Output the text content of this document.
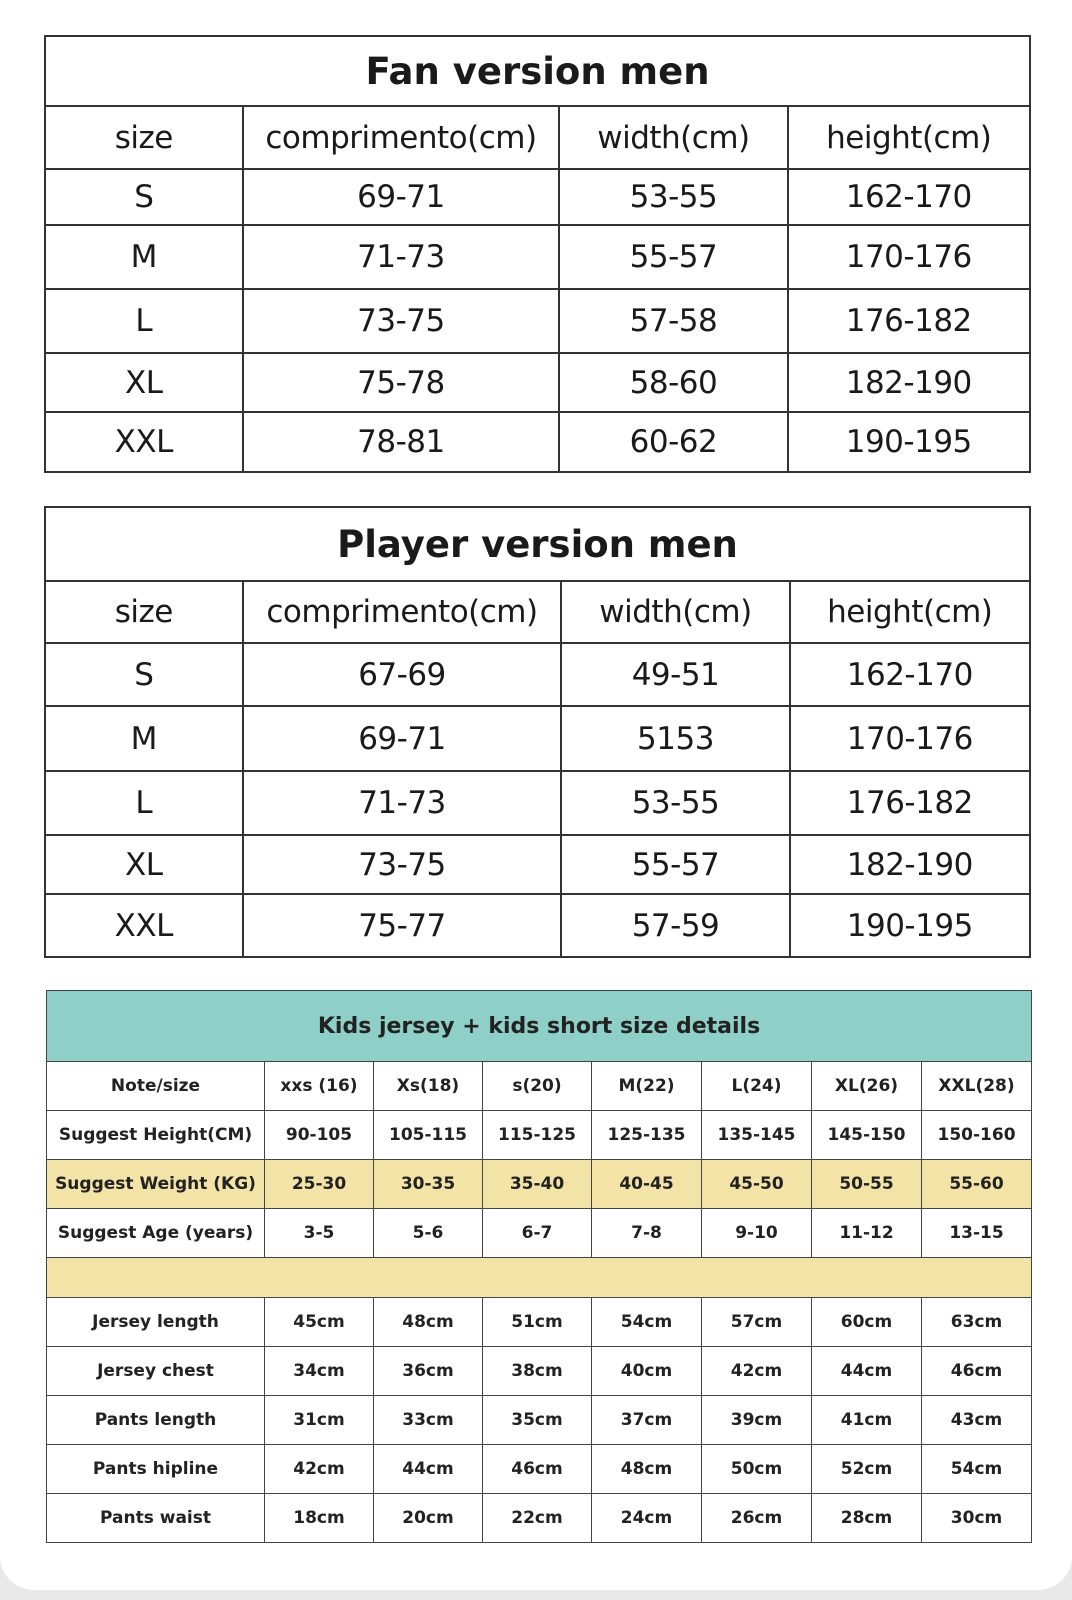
Fan version men			
size	comprimento(cm)	width(cm)	height(cm)
S	69-71	53-55	162-170
M	71-73	55-57	170-176
L	73-75	57-58	176-182
XL	75-78	58-60	182-190
XXL	78-81	60-62	190-195
Player version men			
size	comprimento(cm)	width(cm)	height(cm)
S	67-69	49-51	162-170
M	69-71	5153	170-176
L	71-73	53-55	176-182
XL	73-75	55-57	182-190
XXL	75-77	57-59	190-195
Kids jersey + kids short size details							
Note/size	xxs (16)	Xs(18)	s(20)	M(22)	L(24)	XL(26)	XXL(28)
Suggest Height(CM)	90-105	105-115	115-125	125-135	135-145	145-150	150-160
Suggest Weight (KG)	25-30	30-35	35-40	40-45	45-50	50-55	55-60
Suggest Age (years)	3-5	5-6	6-7	7-8	9-10	11-12	13-15

Jersey length	45cm	48cm	51cm	54cm	57cm	60cm	63cm
Jersey chest	34cm	36cm	38cm	40cm	42cm	44cm	46cm
Pants length	31cm	33cm	35cm	37cm	39cm	41cm	43cm
Pants hipline	42cm	44cm	46cm	48cm	50cm	52cm	54cm
Pants waist	18cm	20cm	22cm	24cm	26cm	28cm	30cm
